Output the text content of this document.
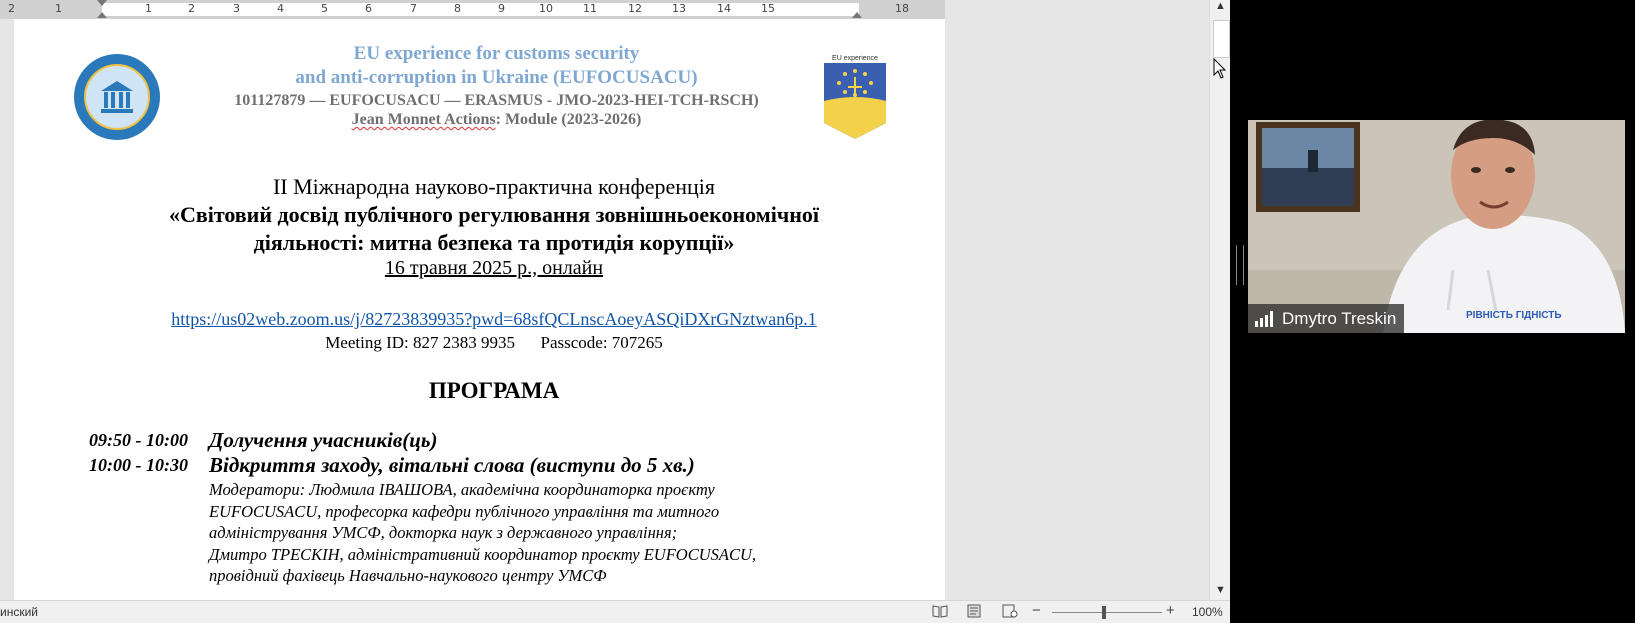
2	1	1	2	3	4	5	6	7	8	9	10	11	12	13	14	15	18
EU experience for customs security
and anti-corruption in Ukraine (EUFOCUSACU)
101127879 — EUFOCUSACU — ERASMUS - JMO-2023-HEI-TCH-RSCH)
Jean Monnet Actions: Module (2023-2026)
EU experience
II Міжнародна науково-практична конференція
«Світовий досвід публічного регулювання зовнішньоекономічної
діяльності: митна безпека та протидія корупції»
16 травня 2025 р., онлайн
https://us02web.zoom.us/j/82723839935?pwd=68sfQCLnscAoeyASQiDXrGNztwan6p.1
Meeting ID: 827 2383 9935 Passcode: 707265
ПРОГРАМА
09:50 - 10:00	Долучення учасників(ць)
10:00 - 10:30	Відкриття заходу, вітальні слова (виступи до 5 хв.)
Модератори: Людмила ІВАШОВА, академічна координаторка проєкту
EUFOCUSACU, професорка кафедри публічного управління та митного
адміністрування УМСФ, докторка наук з державного управління;
Дмитро ТРЕСКІН, адміністративний координатор проєкту EUFOCUSACU,
провідний фахівець Навчально-наукового центру УМСФ
▲
▼
инский	−	+ 100%
РІВНІСТЬ ГІДНІСТЬ
Dmytro Treskin
